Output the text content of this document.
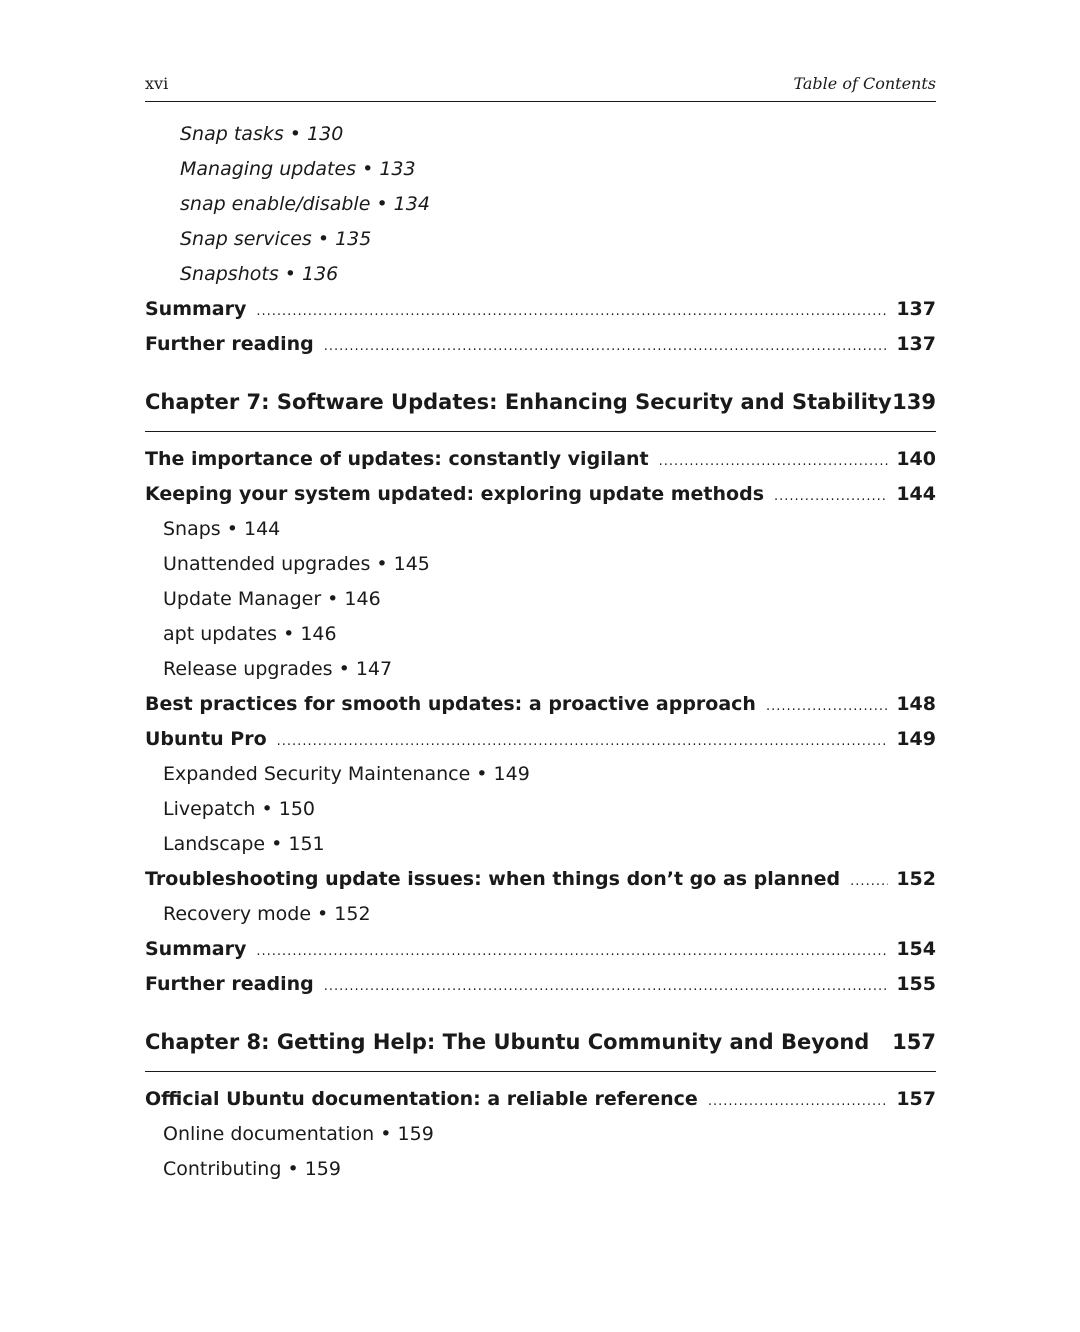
xvi	Table of Contents
Snap tasks • 130
Managing updates • 133
snap enable/disable • 134
Snap services • 135
Snapshots • 136
Summary .....	137
Further reading .....	137
Chapter 7: Software Updates: Enhancing Security and Stability 139
The importance of updates: constantly vigilant .....	140
Keeping your system updated: exploring update methods .....	144
Snaps • 144
Unattended upgrades • 145
Update Manager • 146
apt updates • 146
Release upgrades • 147
Best practices for smooth updates: a proactive approach .....	148
Ubuntu Pro .....	149
Expanded Security Maintenance • 149
Livepatch • 150
Landscape • 151
Troubleshooting update issues: when things don’t go as planned .....	152
Recovery mode • 152
Summary .....	154
Further reading .....	155
Chapter 8: Getting Help: The Ubuntu Community and Beyond 157
Official Ubuntu documentation: a reliable reference .....	157
Online documentation • 159
Contributing • 159
